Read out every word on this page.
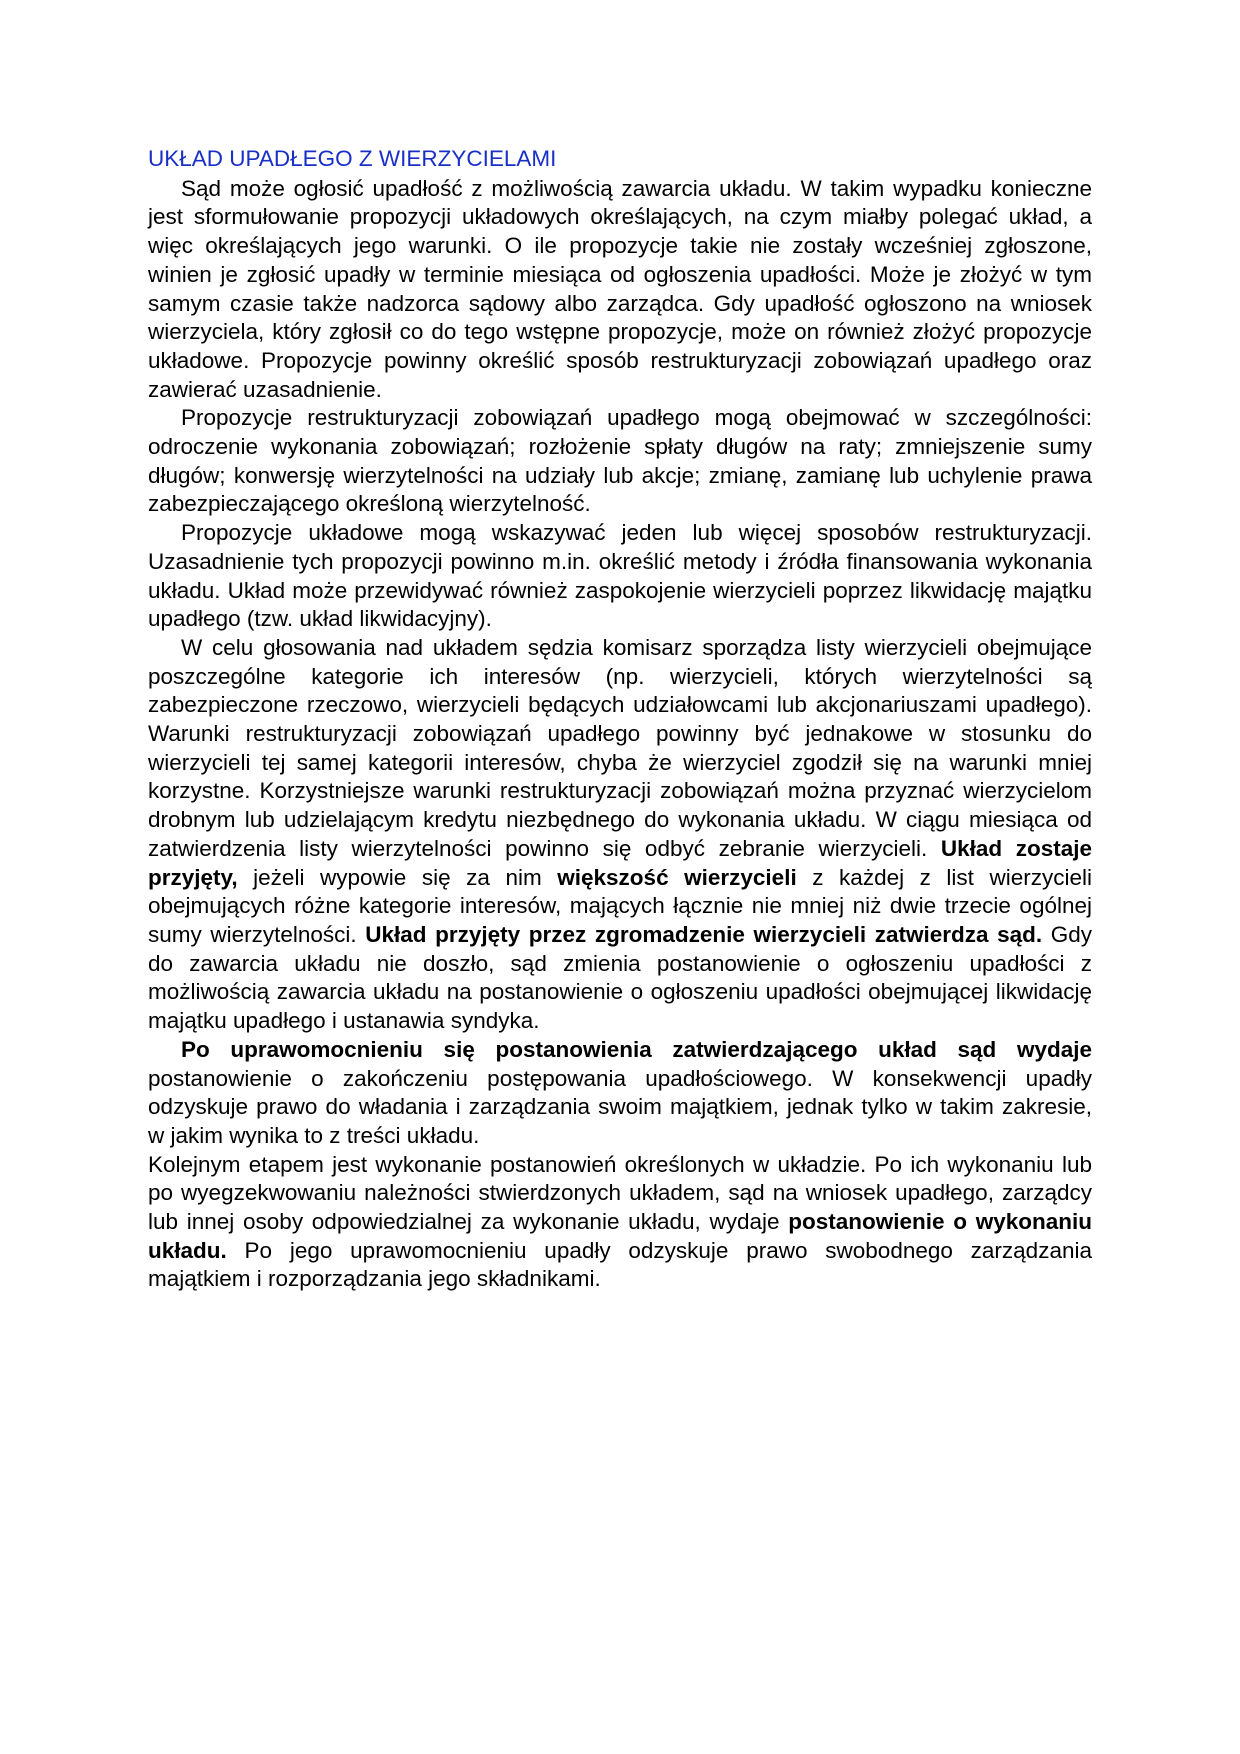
UKŁAD UPADŁEGO Z WIERZYCIELAMI

Sąd może ogłosić upadłość z możliwością zawarcia układu. W takim wypadku konieczne jest sformułowanie propozycji układowych określających, na czym miałby polegać układ, a więc określających jego warunki. O ile propozycje takie nie zostały wcześniej zgłoszone, winien je zgłosić upadły w terminie miesiąca od ogłoszenia upadłości. Może je złożyć w tym samym czasie także nadzorca sądowy albo zarządca. Gdy upadłość ogłoszono na wniosek wierzyciela, który zgłosił co do tego wstępne propozycje, może on również złożyć propozycje układowe. Propozycje powinny określić sposób restrukturyzacji zobowiązań upadłego oraz zawierać uzasadnienie.

Propozycje restrukturyzacji zobowiązań upadłego mogą obejmować w szczególności: odroczenie wykonania zobowiązań; rozłożenie spłaty długów na raty; zmniejszenie sumy długów; konwersję wierzytelności na udziały lub akcje; zmianę, zamianę lub uchylenie prawa zabezpieczającego określoną wierzytelność.

Propozycje układowe mogą wskazywać jeden lub więcej sposobów restrukturyzacji. Uzasadnienie tych propozycji powinno m.in. określić metody i źródła finansowania wykonania układu. Układ może przewidywać również zaspokojenie wierzycieli poprzez likwidację majątku upadłego (tzw. układ likwidacyjny).

W celu głosowania nad układem sędzia komisarz sporządza listy wierzycieli obejmujące poszczególne kategorie ich interesów (np. wierzycieli, których wierzytelności są zabezpieczone rzeczowo, wierzycieli będących udziałowcami lub akcjonariuszami upadłego). Warunki restrukturyzacji zobowiązań upadłego powinny być jednakowe w stosunku do wierzycieli tej samej kategorii interesów, chyba że wierzyciel zgodził się na warunki mniej korzystne. Korzystniejsze warunki restrukturyzacji zobowiązań można przyznać wierzycielom drobnym lub udzielającym kredytu niezbędnego do wykonania układu. W ciągu miesiąca od zatwierdzenia listy wierzytelności powinno się odbyć zebranie wierzycieli. Układ zostaje przyjęty, jeżeli wypowie się za nim większość wierzycieli z każdej z list wierzycieli obejmujących różne kategorie interesów, mających łącznie nie mniej niż dwie trzecie ogólnej sumy wierzytelności. Układ przyjęty przez zgromadzenie wierzycieli zatwierdza sąd. Gdy do zawarcia układu nie doszło, sąd zmienia postanowienie o ogłoszeniu upadłości z możliwością zawarcia układu na postanowienie o ogłoszeniu upadłości obejmującej likwidację majątku upadłego i ustanawia syndyka.

Po uprawomocnieniu się postanowienia zatwierdzającego układ sąd wydaje postanowienie o zakończeniu postępowania upadłościowego. W konsekwencji upadły odzyskuje prawo do władania i zarządzania swoim majątkiem, jednak tylko w takim zakresie, w jakim wynika to z treści układu.

Kolejnym etapem jest wykonanie postanowień określonych w układzie. Po ich wykonaniu lub po wyegzekwowaniu należności stwierdzonych układem, sąd na wniosek upadłego, zarządcy lub innej osoby odpowiedzialnej za wykonanie układu, wydaje postanowienie o wykonaniu układu. Po jego uprawomocnieniu upadły odzyskuje prawo swobodnego zarządzania majątkiem i rozporządzania jego składnikami.
